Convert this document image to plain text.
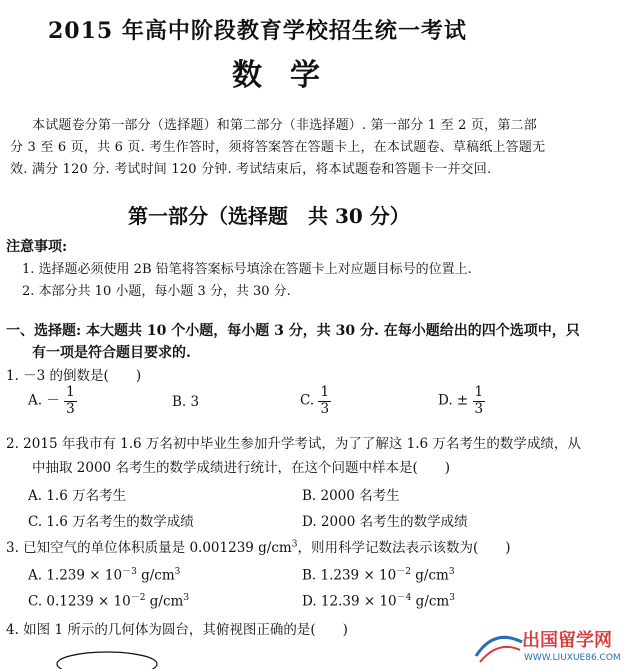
2015 年高中阶段教育学校招生统一考试
数学
本试题卷分第一部分（选择题）和第二部分（非选择题）. 第一部分 1 至 2 页，第二部
分 3 至 6 页，共 6 页. 考生作答时，须将答案答在答题卡上，在本试题卷、草稿纸上答题无
效. 满分 120 分. 考试时间 120 分钟. 考试结束后，将本试题卷和答题卡一并交回.
第一部分（选择题　共 30 分）
注意事项:
1. 选择题必须使用 2B 铅笔将答案标号填涂在答题卡上对应题目标号的位置上.
2. 本部分共 10 小题，每小题 3 分，共 30 分.
一、选择题: 本大题共 10 个小题，每小题 3 分，共 30 分. 在每小题给出的四个选项中，只
有一项是符合题目要求的.
1. －3 的倒数是(　　)
A. － $\frac{1}{3}$	B. 3	C. $\frac{1}{3}$	D. ± $\frac{1}{3}$
2. 2015 年我市有 1.6 万名初中毕业生参加升学考试，为了了解这 1.6 万名考生的数学成绩，从
中抽取 2000 名考生的数学成绩进行统计，在这个问题中样本是(　　)
A. 1.6 万名考生	B. 2000 名考生
C. 1.6 万名考生的数学成绩	D. 2000 名考生的数学成绩
3. 已知空气的单位体积质量是 0.001239 $g/cm^3$，则用科学记数法表示该数为(　　)
A. $1.239 \times 10^{-3}$ $g/cm^3$	B. $1.239 \times 10^{-2}$ $g/cm^3$
C. $0.1239 \times 10^{-2}$ $g/cm^3$	D. $12.39 \times 10^{-4}$ $g/cm^3$
4. 如图 1 所示的几何体为圆台，其俯视图正确的是(　　)	出国留学网
WWW.LIUXUE86.COM
